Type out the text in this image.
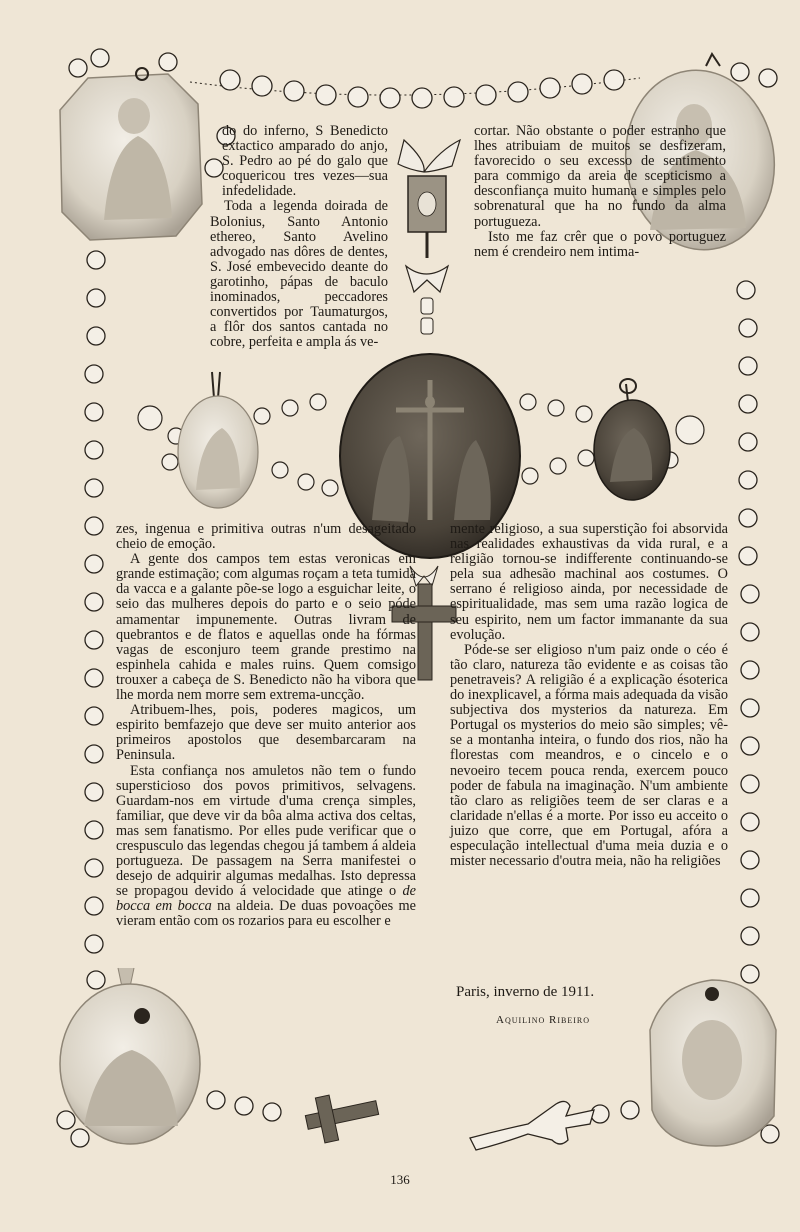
do do inferno, S Benedicto extactico amparado do anjo, S. Pedro ao pé do galo que coquericou tres vezes—sua infedelidade.

Toda a legenda doirada de Bolonius, Santo Antonio ethereo, Santo Avelino advogado nas dôres de dentes, S. José embevecido deante do garotinho, pápas de baculo inominados, peccadores convertidos por Taumaturgos, a flôr dos santos cantada no cobre, perfeita e ampla ás ve-

cortar. Não obstante o poder estranho que lhes atribuiam de muitos se desfizeram, favorecido o seu excesso de sentimento para commigo da areia de scepticismo a desconfiança muito humana e simples pelo sobrenatural que ha no fundo da alma portugueza.

Isto me faz crêr que o povo portuguez nem é crendeiro nem intima-

zes, ingenua e primitiva outras n'um desageitado cheio de emoção.

A gente dos campos tem estas veronicas em grande estimação; com algumas roçam a teta tumida da vacca e a galante põe-se logo a esguichar leite, o seio das mulheres depois do parto e o seio póde amamentar impunemente. Outras livram de quebrantos e de flatos e aquellas onde ha fórmas vagas de esconjuro teem grande prestimo na espinhela cahida e males ruins. Quem comsigo trouxer a cabeça de S. Benedicto não ha vibora que lhe morda nem morre sem extrema-uncção.

Atribuem-lhes, pois, poderes magicos, um espirito bemfazejo que deve ser muito anterior aos primeiros apostolos que desembarcaram na Peninsula.

Esta confiança nos amuletos não tem o fundo supersticioso dos povos primitivos, selvagens. Guardam-nos em virtude d'uma crença simples, familiar, que deve vir da bôa alma activa dos celtas, mas sem fanatismo. Por elles pude verificar que o crespusculo das legendas chegou já tambem á aldeia portugueza. De passagem na Serra manifestei o desejo de adquirir algumas medalhas. Isto depressa se propagou devido á velocidade que atinge o de bocca em bocca na aldeia. De duas povoações me vieram então com os rozarios para eu escolher e

mente religioso, a sua superstição foi absorvida nas realidades exhaustivas da vida rural, e a religião tornou-se indifferente continuando-se pela sua adhesão machinal aos costumes. O serrano é religioso ainda, por necessidade de espiritualidade, mas sem uma razão logica de seu espirito, nem um factor immanante da sua evolução.

Póde-se ser eligioso n'um paiz onde o céo é tão claro, natureza tão evidente e as coisas tão penetraveis? A religião é a explicação ésoterica do inexplicavel, a fórma mais adequada da visão subjectiva dos mysterios da natureza. Em Portugal os mysterios do meio são simples; vê-se a montanha inteira, o fundo dos rios, não ha florestas com meandros, e o cincelo e o nevoeiro tecem pouca renda, exercem pouco poder de fabula na imaginação. N'um ambiente tão claro as religiões teem de ser claras e a claridade n'ellas é a morte. Por isso eu acceito o juizo que corre, que em Portugal, afóra a especulação intellectual d'uma meia duzia e o mister necessario d'outra meia, não ha religiões

Paris, inverno de 1911.
Aquilino Ribeiro
136
